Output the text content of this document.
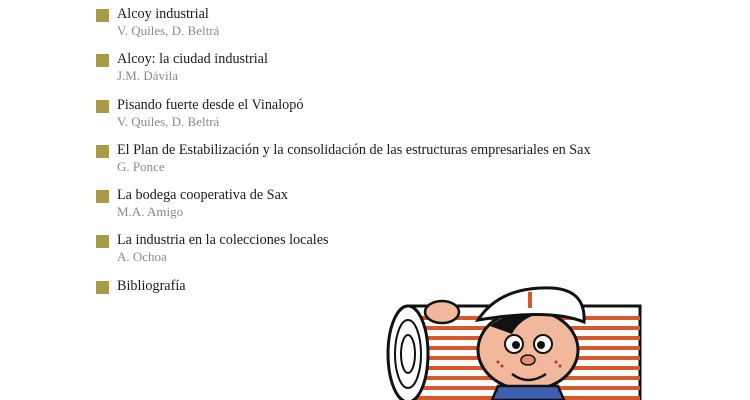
Alcoy industrial
V. Quiles, D. Beltrá
Alcoy: la ciudad industrial
J.M. Dávila
Pisando fuerte desde el Vinalopó
V. Quiles, D. Beltrá
El Plan de Estabilización y la consolidación de las estructuras empresariales en Sax
G. Ponce
La bodega cooperativa de Sax
M.A. Amigo
La industria en la colecciones locales
A. Ochoa
Bibliografía
